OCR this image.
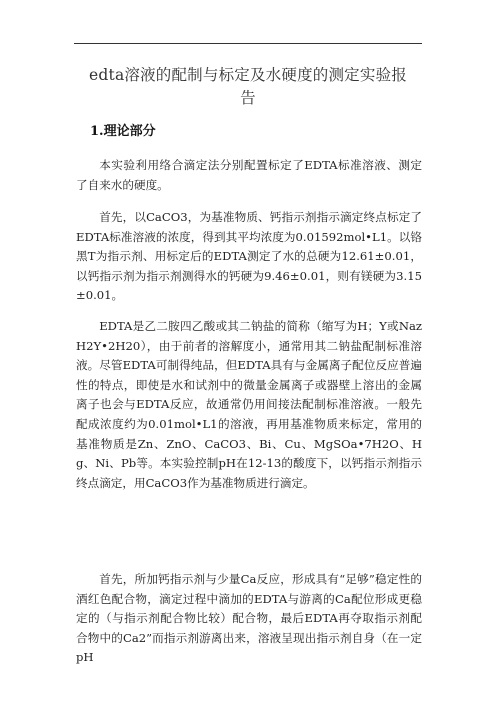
edta溶液的配制与标定及水硬度的测定实验报
告
1.理论部分
本实验利用络合滴定法分别配置标定了EDTA标准溶液、测定了自来水的硬度。
首先，以CaCO3，为基准物质、钙指示剂指示滴定终点标定了EDTA标准溶液的浓度，得到其平均浓度为0.01592mol•L1。以铬黑T为指示剂、用标定后的EDTA测定了水的总硬为12.61±0.01，以钙指示剂为指示剂测得水的钙硬为9.46±0.01，则有镁硬为3.15±0.01。
EDTA是乙二胺四乙酸或其二钠盐的简称（缩写为H；Y或NazH2Y•2H20），由于前者的溶解度小，通常用其二钠盐配制标准溶液。尽管EDTA可制得纯品，但EDTA具有与金属离子配位反应普遍性的特点，即使是水和试剂中的微量金属离子或器壁上溶出的金属离子也会与EDTA反应，故通常仍用间接法配制标准溶液。一般先配成浓度约为0.01mol•L1的溶液，再用基准物质来标定，常用的基准物质是Zn、ZnO、CaCO3、Bi、Cu、MgSOa•7H2O、Hg、Ni、Pb等。本实验控制pH在12-13的酸度下，以钙指示剂指示终点滴定，用CaCO3作为基准物质进行滴定。
首先，所加钙指示剂与少量Ca反应，形成具有“足够”稳定性的酒红色配合物，滴定过程中滴加的EDTA与游离的Ca配位形成更稳定的（与指示剂配合物比较）配合物，最后EDTA再夺取指示剂配合物中的Ca2”而指示剂游离出来，溶液呈现出指示剂自身（在一定pH
